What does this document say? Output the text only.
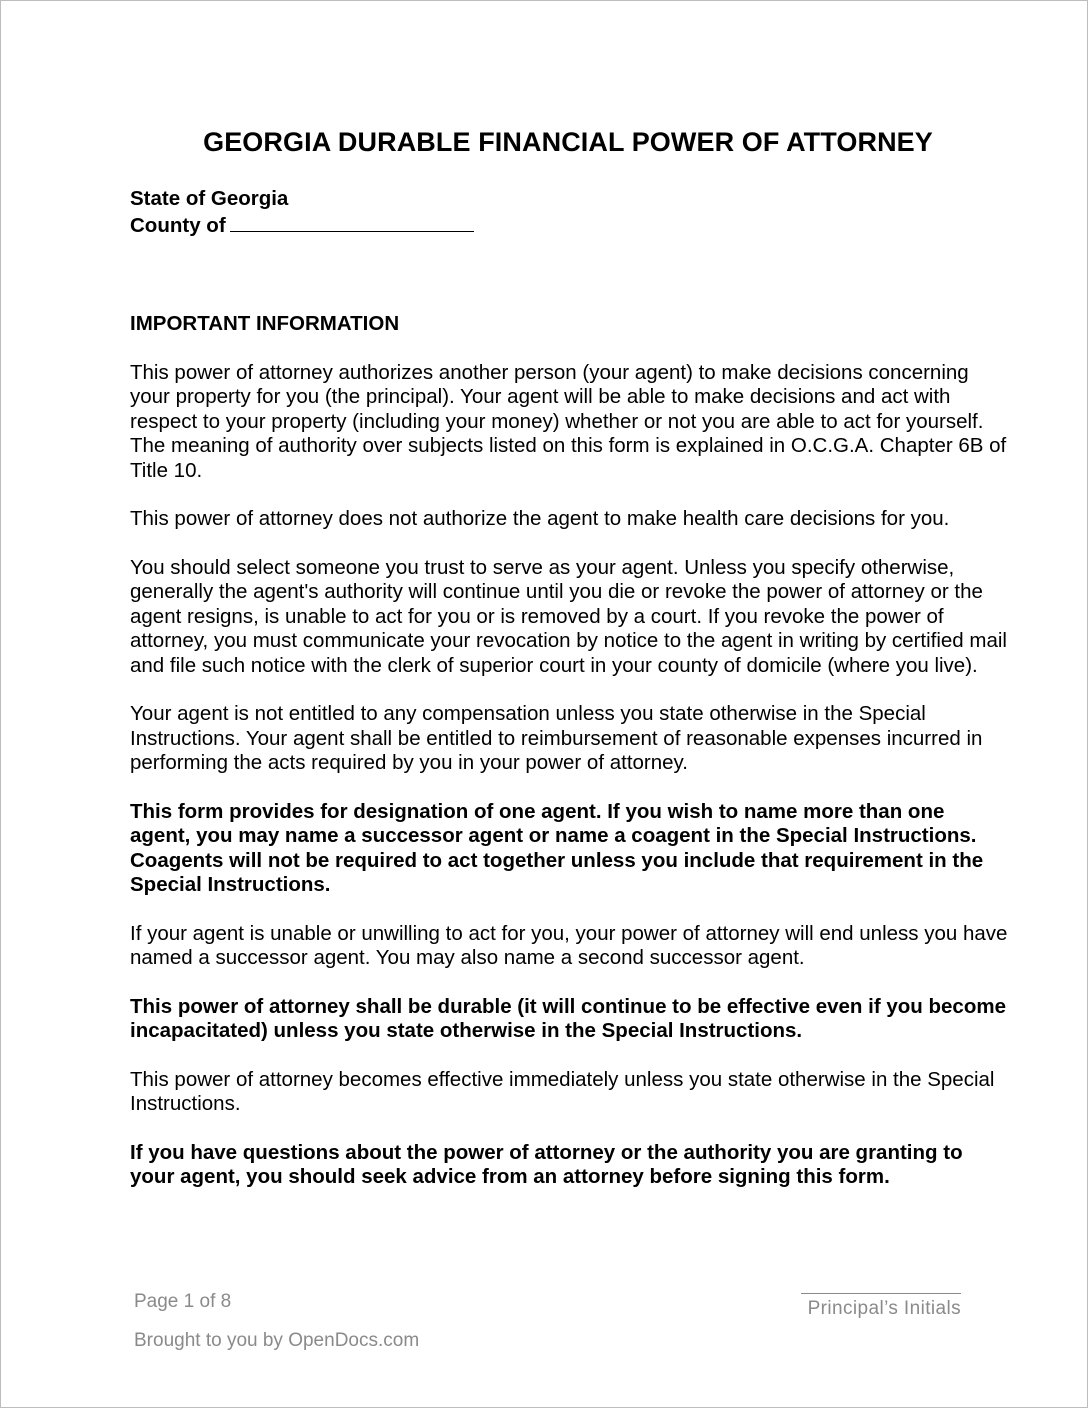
GEORGIA DURABLE FINANCIAL POWER OF ATTORNEY
State of Georgia
County of
IMPORTANT INFORMATION

This power of attorney authorizes another person (your agent) to make decisions concerning your property for you (the principal). Your agent will be able to make decisions and act with respect to your property (including your money) whether or not you are able to act for yourself. The meaning of authority over subjects listed on this form is explained in O.C.G.A. Chapter 6B of Title 10.

This power of attorney does not authorize the agent to make health care decisions for you.

You should select someone you trust to serve as your agent. Unless you specify otherwise, generally the agent's authority will continue until you die or revoke the power of attorney or the agent resigns, is unable to act for you or is removed by a court. If you revoke the power of attorney, you must communicate your revocation by notice to the agent in writing by certified mail and file such notice with the clerk of superior court in your county of domicile (where you live).

Your agent is not entitled to any compensation unless you state otherwise in the Special Instructions. Your agent shall be entitled to reimbursement of reasonable expenses incurred in performing the acts required by you in your power of attorney.

This form provides for designation of one agent. If you wish to name more than one agent, you may name a successor agent or name a coagent in the Special Instructions. Coagents will not be required to act together unless you include that requirement in the Special Instructions.

If your agent is unable or unwilling to act for you, your power of attorney will end unless you have named a successor agent. You may also name a second successor agent.

This power of attorney shall be durable (it will continue to be effective even if you become incapacitated) unless you state otherwise in the Special Instructions.

This power of attorney becomes effective immediately unless you state otherwise in the Special Instructions.

If you have questions about the power of attorney or the authority you are granting to your agent, you should seek advice from an attorney before signing this form.

Page 1 of 8
Brought to you by OpenDocs.com
Principal’s Initials
